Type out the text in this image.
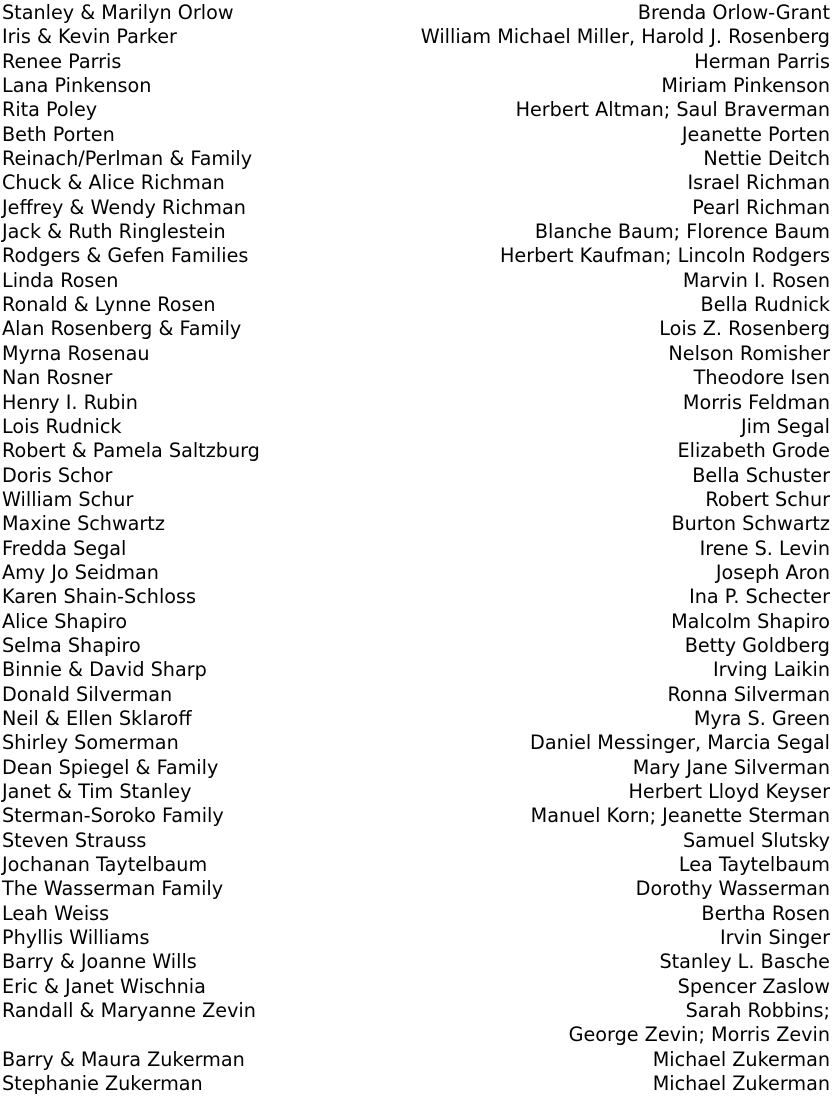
Stanley & Marilyn Orlow	Brenda Orlow-Grant
Iris & Kevin Parker	William Michael Miller, Harold J. Rosenberg
Renee Parris	Herman Parris
Lana Pinkenson	Miriam Pinkenson
Rita Poley	Herbert Altman; Saul Braverman
Beth Porten	Jeanette Porten
Reinach/Perlman & Family	Nettie Deitch
Chuck & Alice Richman	Israel Richman
Jeffrey & Wendy Richman	Pearl Richman
Jack & Ruth Ringlestein	Blanche Baum; Florence Baum
Rodgers & Gefen Families	Herbert Kaufman; Lincoln Rodgers
Linda Rosen	Marvin I. Rosen
Ronald & Lynne Rosen	Bella Rudnick
Alan Rosenberg & Family	Lois Z. Rosenberg
Myrna Rosenau	Nelson Romisher
Nan Rosner	Theodore Isen
Henry I. Rubin	Morris Feldman
Lois Rudnick	Jim Segal
Robert & Pamela Saltzburg	Elizabeth Grode
Doris Schor	Bella Schuster
William Schur	Robert Schur
Maxine Schwartz	Burton Schwartz
Fredda Segal	Irene S. Levin
Amy Jo Seidman	Joseph Aron
Karen Shain-Schloss	Ina P. Schecter
Alice Shapiro	Malcolm Shapiro
Selma Shapiro	Betty Goldberg
Binnie & David Sharp	Irving Laikin
Donald Silverman	Ronna Silverman
Neil & Ellen Sklaroff	Myra S. Green
Shirley Somerman	Daniel Messinger, Marcia Segal
Dean Spiegel & Family	Mary Jane Silverman
Janet & Tim Stanley	Herbert Lloyd Keyser
Sterman-Soroko Family	Manuel Korn; Jeanette Sterman
Steven Strauss	Samuel Slutsky
Jochanan Taytelbaum	Lea Taytelbaum
The Wasserman Family	Dorothy Wasserman
Leah Weiss	Bertha Rosen
Phyllis Williams	Irvin Singer
Barry & Joanne Wills	Stanley L. Basche
Eric & Janet Wischnia	Spencer Zaslow
Randall & Maryanne Zevin	Sarah Robbins;
George Zevin; Morris Zevin
Barry & Maura Zukerman	Michael Zukerman
Stephanie Zukerman	Michael Zukerman
